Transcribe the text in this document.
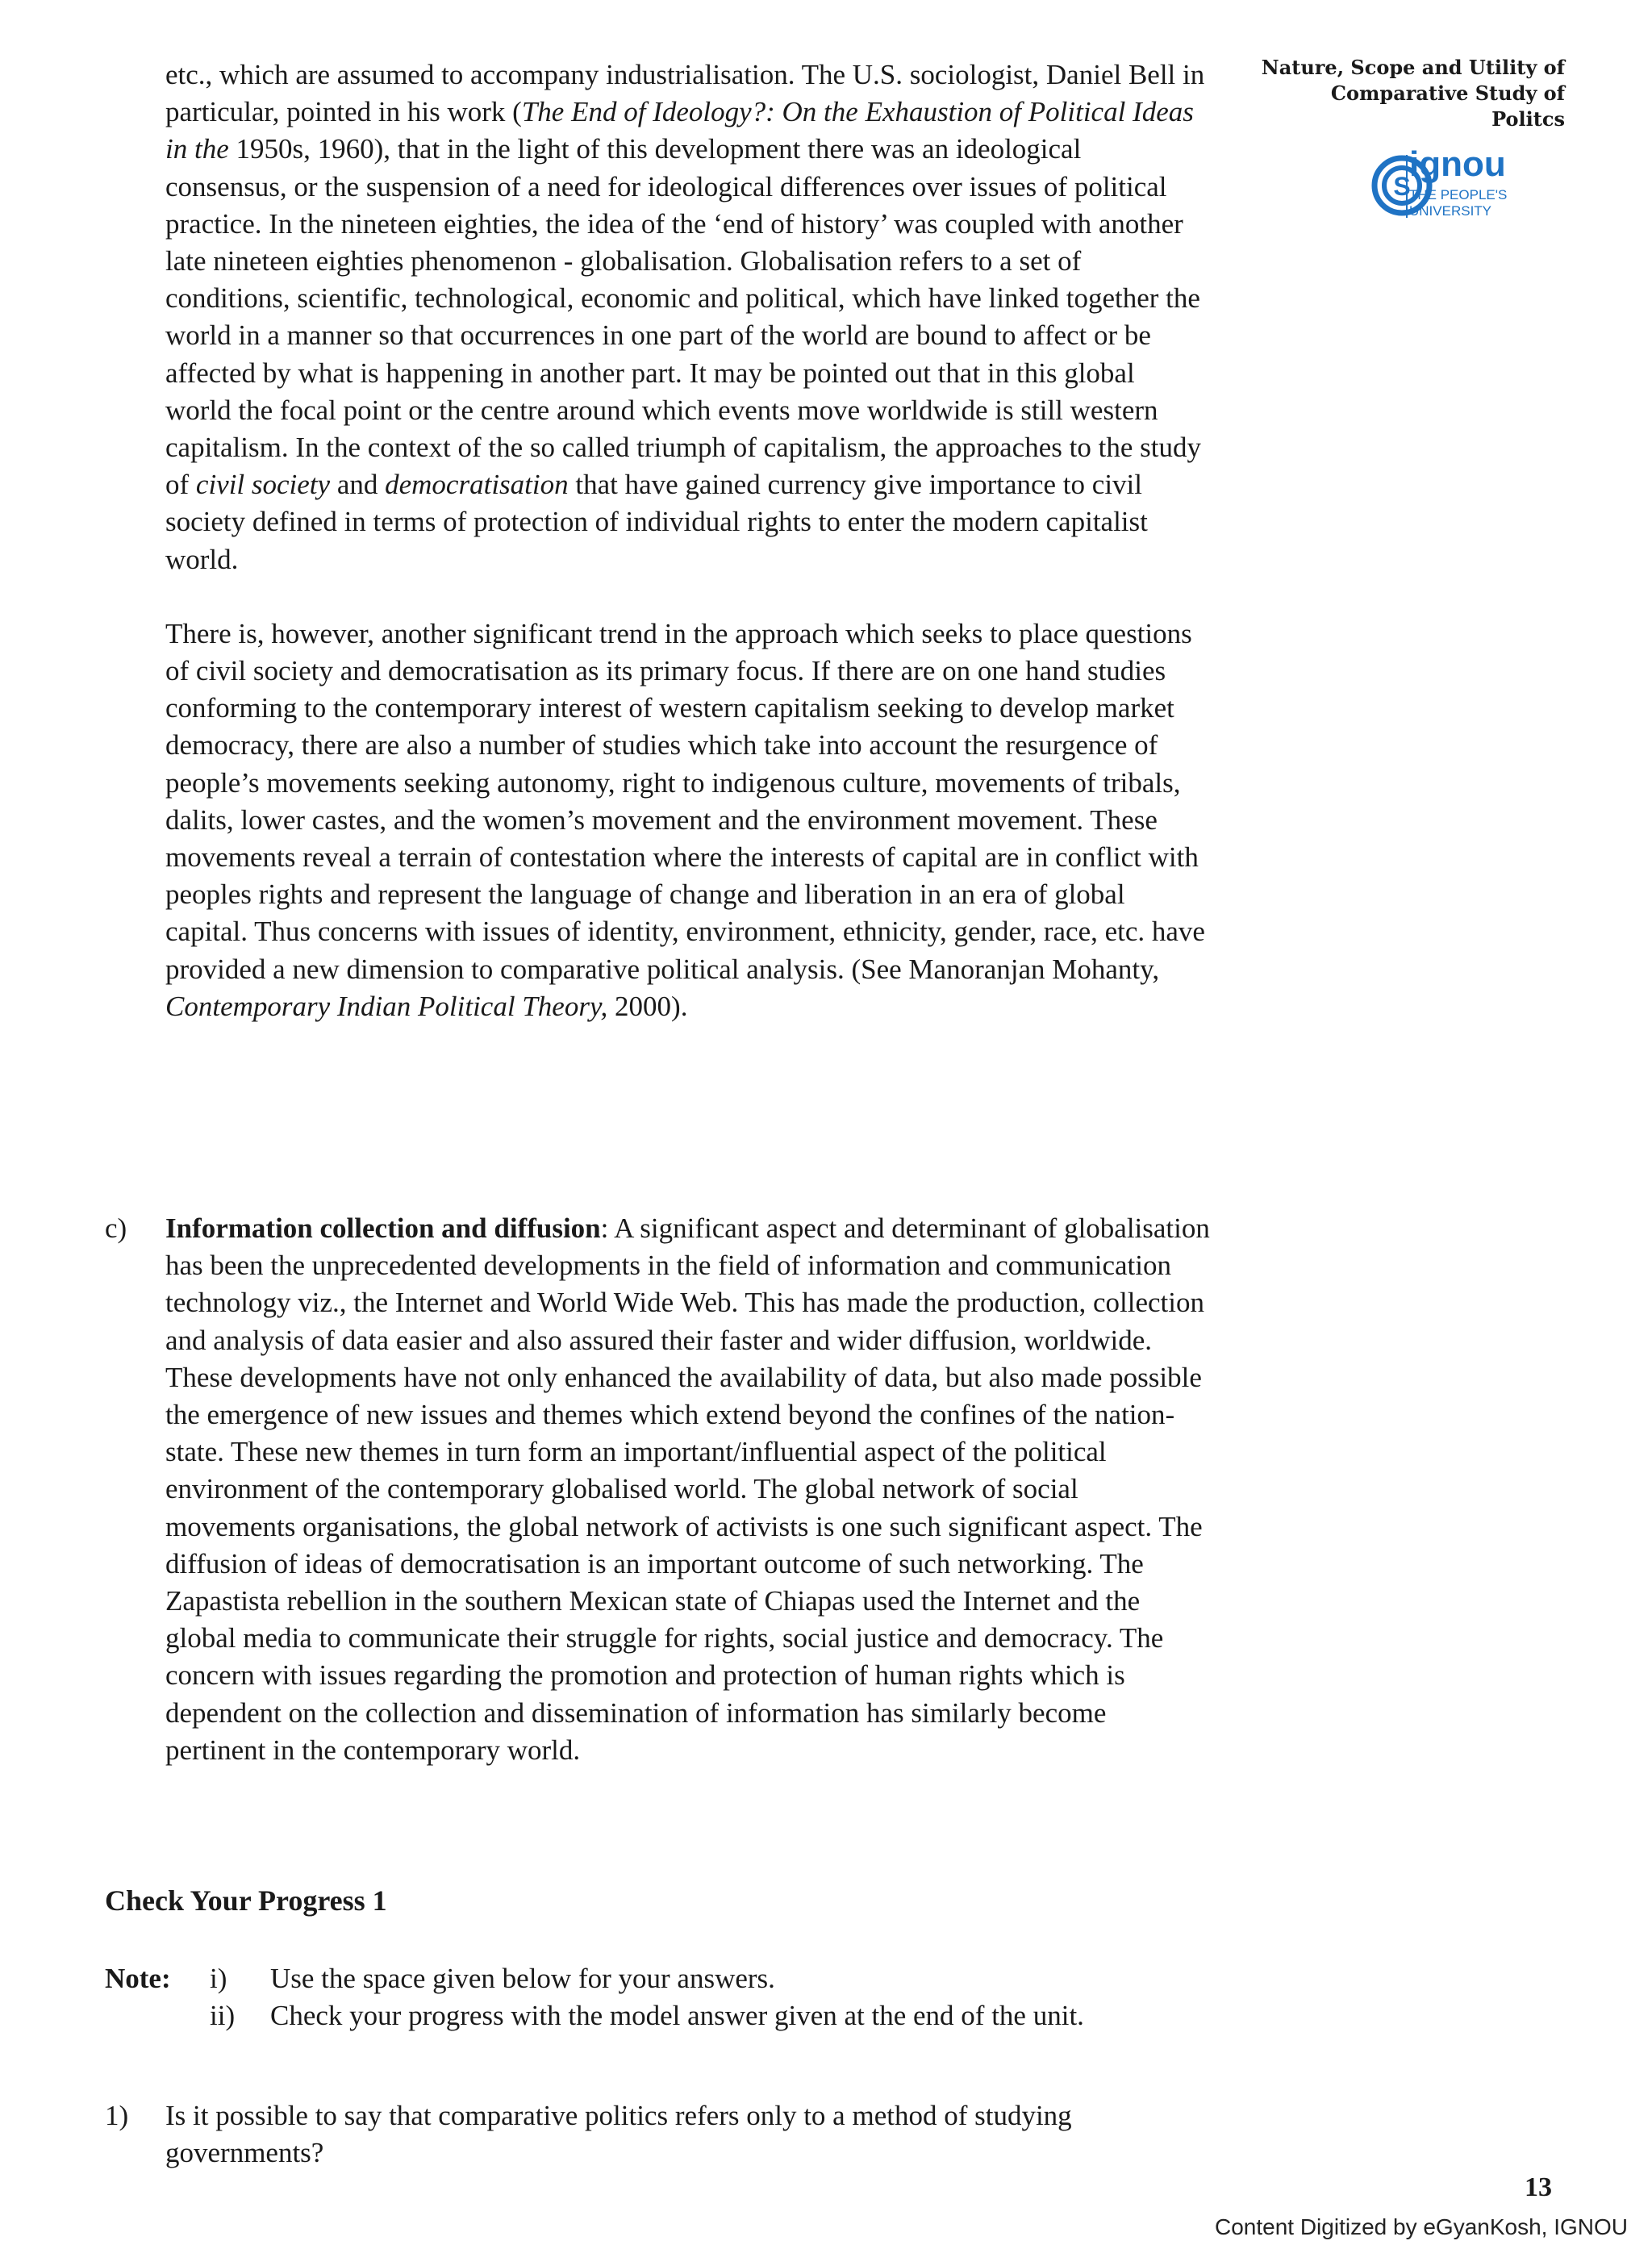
Nature, Scope and Utility of
Comparative Study of
Politcs
S
ignou
THE PEOPLE'S
UNIVERSITY

etc., which are assumed to accompany industrialisation. The U.S. sociologist, Daniel Bell in particular, pointed in his work (The End of Ideology?: On the Exhaustion of Political Ideas in the 1950s, 1960), that in the light of this development there was an ideological consensus, or the suspension of a need for ideological differences over issues of political practice. In the nineteen eighties, the idea of the ‘end of history’ was coupled with another late nineteen eighties phenomenon - globalisation. Globalisation refers to a set of conditions, scientific, technological, economic and political, which have linked together the world in a manner so that occurrences in one part of the world are bound to affect or be affected by what is happening in another part. It may be pointed out that in this global world the focal point or the centre around which events move worldwide is still western capitalism. In the context of the so called triumph of capitalism, the approaches to the study of civil society and democratisation that have gained currency give importance to civil society defined in terms of protection of individual rights to enter the modern capitalist world.

There is, however, another significant trend in the approach which seeks to place questions of civil society and democratisation as its primary focus. If there are on one hand studies conforming to the contemporary interest of western capitalism seeking to develop market democracy, there are also a number of studies which take into account the resurgence of people’s movements seeking autonomy, right to indigenous culture, movements of tribals, dalits, lower castes, and the women’s movement and the environment movement. These movements reveal a terrain of contestation where the interests of capital are in conflict with peoples rights and represent the language of change and liberation in an era of global capital. Thus concerns with issues of identity, environment, ethnicity, gender, race, etc. have provided a new dimension to comparative political analysis. (See Manoranjan Mohanty, Contemporary Indian Political Theory, 2000).

c) Information collection and diffusion: A significant aspect and determinant of globalisation has been the unprecedented developments in the field of information and communication technology viz., the Internet and World Wide Web. This has made the production, collection and analysis of data easier and also assured their faster and wider diffusion, worldwide. These developments have not only enhanced the availability of data, but also made possible the emergence of new issues and themes which extend beyond the confines of the nation-state. These new themes in turn form an important/influential aspect of the political environment of the contemporary globalised world. The global network of social movements organisations, the global network of activists is one such significant aspect. The diffusion of ideas of democratisation is an important outcome of such networking. The Zapastista rebellion in the southern Mexican state of Chiapas used the Internet and the global media to communicate their struggle for rights, social justice and democracy. The concern with issues regarding the promotion and protection of human rights which is dependent on the collection and dissemination of information has similarly become pertinent in the contemporary world.
Check Your Progress 1
Note: i) Use the space given below for your answers.
ii) Check your progress with the model answer given at the end of the unit.
1) Is it possible to say that comparative politics refers only to a method of studying governments?
13
Content Digitized by eGyanKosh, IGNOU
